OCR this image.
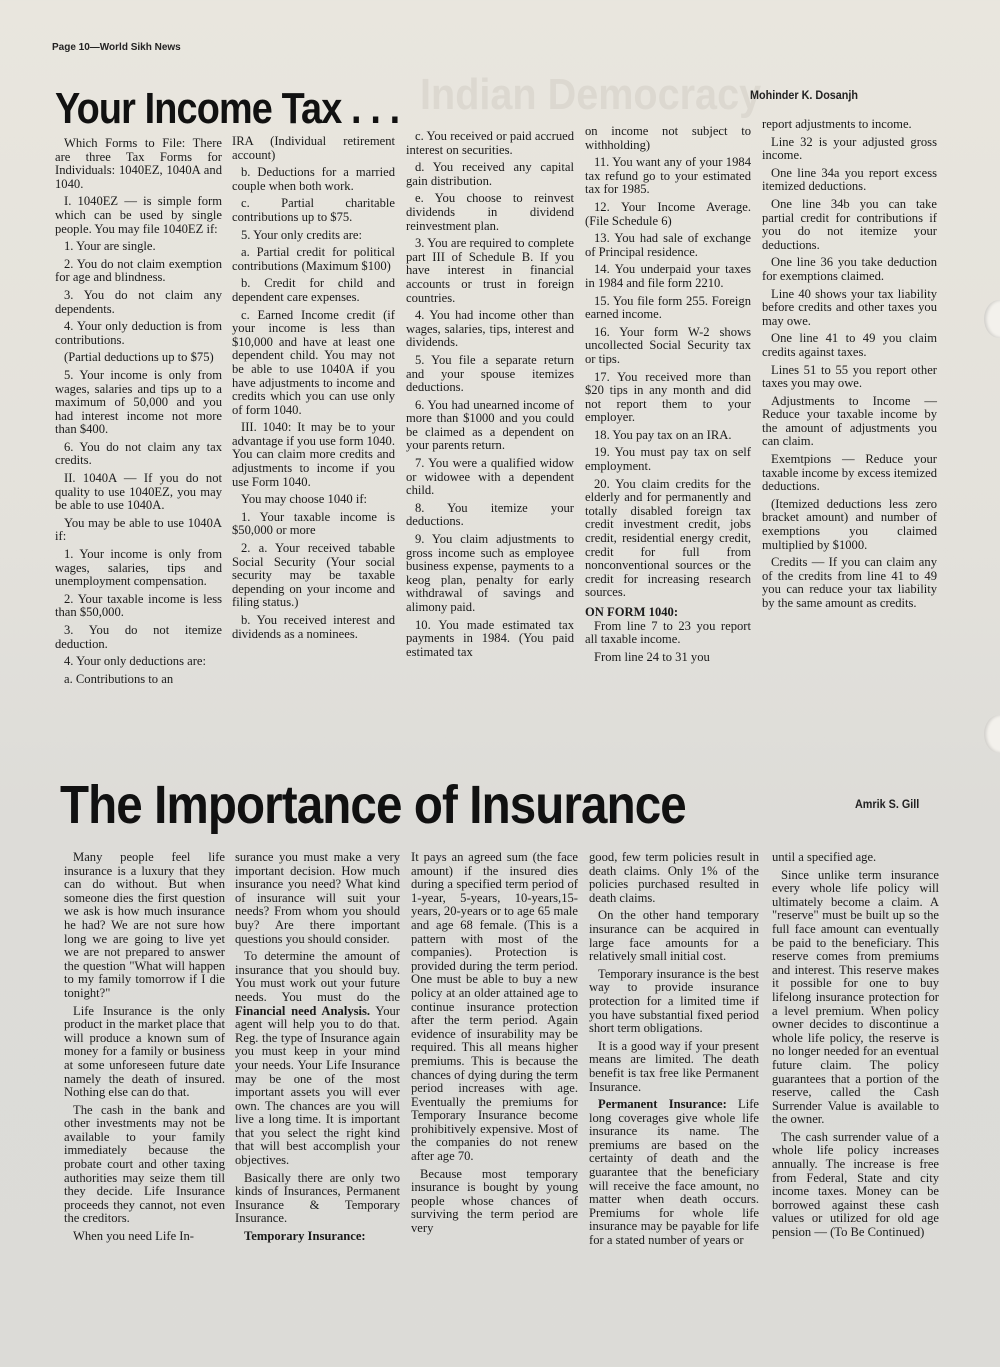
Page 10—World Sikh News
Indian Democracy
Your Income Tax . . .	Mohinder K. Dosanjh

Which Forms to File: There are three Tax Forms for Individuals: 1040EZ, 1040A and 1040.

I. 1040EZ — is simple form which can be used by single people. You may file 1040EZ if:

1. Your are single.

2. You do not claim exemption for age and blindness.

3. You do not claim any dependents.

4. Your only deduction is from contributions.

(Partial deductions up to $75)

5. Your income is only from wages, salaries and tips up to a maximum of 50,000 and you had interest income not more than $400.

6. You do not claim any tax credits.

II. 1040A — If you do not quality to use 1040EZ, you may be able to use 1040A.

You may be able to use 1040A if:

1. Your income is only from wages, salaries, tips and unemployment compensation.

2. Your taxable income is less than $50,000.

3. You do not itemize deduction.

4. Your only deductions are:

a. Contributions to an

IRA (Individual retirement account)

b. Deductions for a married couple when both work.

c. Partial charitable contributions up to $75.

5. Your only credits are:

a. Partial credit for political contributions (Maximum $100)

b. Credit for child and dependent care expenses.

c. Earned Income credit (if your income is less than $10,000 and have at least one dependent child. You may not be able to use 1040A if you have adjustments to income and credits which you can use only of form 1040.

III. 1040: It may be to your advantage if you use form 1040. You can claim more credits and adjustments to income if you use Form 1040.

You may choose 1040 if:

1. Your taxable income is $50,000 or more

2. a. Your received tabable Social Security (Your social security may be taxable depending on your income and filing status.)

b. You received interest and dividends as a nominees.

c. You received or paid accrued interest on securities.

d. You received any capital gain distribution.

e. You choose to reinvest dividends in dividend reinvestment plan.

3. You are required to complete part III of Schedule B. If you have interest in financial accounts or trust in foreign countries.

4. You had income other than wages, salaries, tips, interest and dividends.

5. You file a separate return and your spouse itemizes deductions.

6. You had unearned income of more than $1000 and you could be claimed as a dependent on your parents return.

7. You were a qualified widow or widowee with a dependent child.

8. You itemize your deductions.

9. You claim adjustments to gross income such as employee business expense, payments to a keog plan, penalty for early withdrawal of savings and alimony paid.

10. You made estimated tax payments in 1984. (You paid estimated tax

on income not subject to withholding)

11. You want any of your 1984 tax refund go to your estimated tax for 1985.

12. Your Income Average. (File Schedule 6)

13. You had sale of exchange of Principal residence.

14. You underpaid your taxes in 1984 and file form 2210.

15. You file form 255. Foreign earned income.

16. Your form W-2 shows uncollected Social Security tax or tips.

17. You received more than $20 tips in any month and did not report them to your employer.

18. You pay tax on an IRA.

19. You must pay tax on self employment.

20. You claim credits for the elderly and for permanently and totally disabled foreign tax credit investment credit, jobs credit, residential energy credit, credit for full from nonconventional sources or the credit for increasing research sources.

ON FORM 1040:

From line 7 to 23 you report all taxable income.

From line 24 to 31 you

report adjustments to income.

Line 32 is your adjusted gross income.

One line 34a you report excess itemized deductions.

One line 34b you can take partial credit for contributions if you do not itemize your deductions.

One line 36 you take deduction for exemptions claimed.

Line 40 shows your tax liability before credits and other taxes you may owe.

One line 41 to 49 you claim credits against taxes.

Lines 51 to 55 you report other taxes you may owe.

Adjustments to Income — Reduce your taxable income by the amount of adjustments you can claim.

Exemtpions — Reduce your taxable income by excess itemized deductions.

(Itemized deductions less zero bracket amount) and number of exemptions you claimed multiplied by $1000.

Credits — If you can claim any of the credits from line 41 to 49 you can reduce your tax liability by the same amount as credits.

The Importance of Insurance	Amrik S. Gill

Many people feel life insurance is a luxury that they can do without. But when someone dies the first question we ask is how much insurance he had? We are not sure how long we are going to live yet we are not prepared to answer the question "What will happen to my family tomorrow if I die tonight?"

Life Insurance is the only product in the market place that will produce a known sum of money for a family or business at some unforeseen future date namely the death of insured. Nothing else can do that.

The cash in the bank and other investments may not be available to your family immediately because the probate court and other taxing authorities may seize them till they decide. Life Insurance proceeds they cannot, not even the creditors.

When you need Life In-

surance you must make a very important decision. How much insurance you need? What kind of insurance will suit your needs? From whom you should buy? Are there important questions you should consider.

To determine the amount of insurance that you should buy. You must work out your future needs. You must do the Financial need Analysis. Your agent will help you to do that. Reg. the type of Insurance again you must keep in your mind your needs. Your Life Insurance may be one of the most important assets you will ever own. The chances are you will live a long time. It is important that you select the right kind that will best accomplish your objectives.

Basically there are only two kinds of Insurances, Permanent Insurance & Temporary Insurance.

Temporary Insurance:

It pays an agreed sum (the face amount) if the insured dies during a specified term period of 1-year, 5-years, 10-years,15-years, 20-years or to age 65 male and age 68 female. (This is a pattern with most of the companies). Protection is provided during the term period. One must be able to buy a new policy at an older attained age to continue insurance protection after the term period. Again evidence of insurability may be required. This all means higher premiums. This is because the chances of dying during the term period increases with age. Eventually the premiums for Temporary Insurance become prohibitively expensive. Most of the companies do not renew after age 70.

Because most temporary insurance is bought by young people whose chances of surviving the term period are very

good, few term policies result in death claims. Only 1% of the policies purchased resulted in death claims.

On the other hand temporary insurance can be acquired in large face amounts for a relatively small initial cost.

Temporary insurance is the best way to provide insurance protection for a limited time if you have substantial fixed period short term obligations.

It is a good way if your present means are limited. The death benefit is tax free like Permanent Insurance.

Permanent Insurance: Life long coverages give whole life insurance its name. The premiums are based on the certainty of death and the guarantee that the beneficiary will receive the face amount, no matter when death occurs. Premiums for whole life insurance may be payable for life for a stated number of years or

until a specified age.

Since unlike term insurance every whole life policy will ultimately become a claim. A "reserve" must be built up so the full face amount can eventually be paid to the beneficiary. This reserve comes from premiums and interest. This reserve makes it possible for one to buy lifelong insurance protection for a level premium. When policy owner decides to discontinue a whole life policy, the reserve is no longer needed for an eventual future claim. The policy guarantees that a portion of the reserve, called the Cash Surrender Value is available to the owner.

The cash surrender value of a whole life policy increases annually. The increase is free from Federal, State and city income taxes. Money can be borrowed against these cash values or utilized for old age pension — (To Be Continued)
